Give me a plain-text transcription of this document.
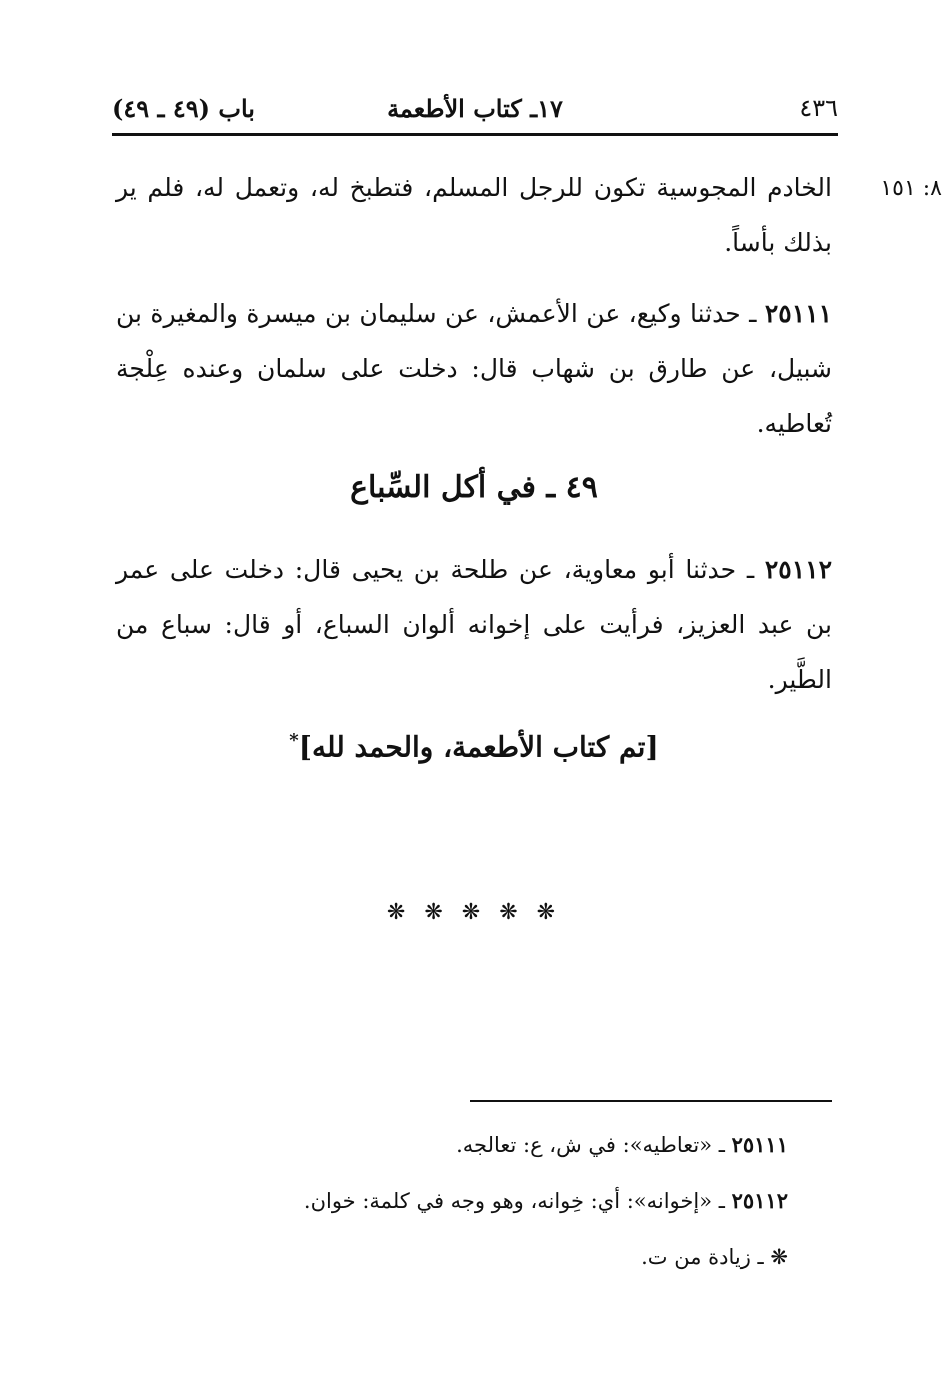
٤٣٦
١٧ـ كتاب الأطعمة
باب (٤٩ ـ ٤٩)
٨: ١٥١
الخادم المجوسية تكون للرجل المسلم، فتطبخ له، وتعمل له، فلم ير بذلك بأساً.
٢٥١١١ ـ حدثنا وكيع، عن الأعمش، عن سليمان بن ميسرة والمغيرة بن شبيل، عن طارق بن شهاب قال: دخلت على سلمان وعنده عِلْجة تُعاطيه.
٤٩ ـ في أكل السِّباع
٢٥١١٢ ـ حدثنا أبو معاوية، عن طلحة بن يحيى قال: دخلت على عمر بن عبد العزيز، فرأيت على إخوانه ألوان السباع، أو قال: سباع من الطَّير.
[تم كتاب الأطعمة، والحمد لله]*
❋ ❋ ❋ ❋ ❋
٢٥١١١ ـ «تعاطيه»: في ش، ع: تعالجه.
٢٥١١٢ ـ «إخوانه»: أي: خِوانه، وهو وجه في كلمة: خوان.
❋ ـ زيادة من ت.
